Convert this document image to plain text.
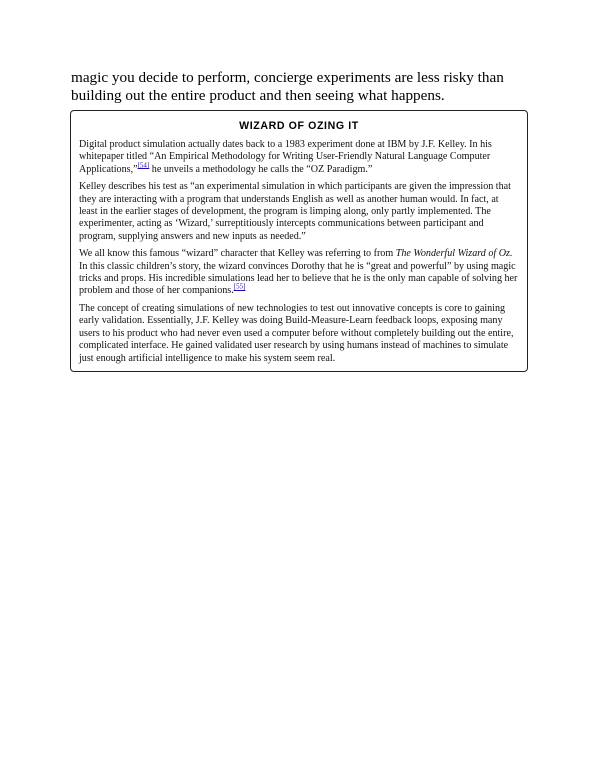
magic you decide to perform, concierge experiments are less risky than building out the entire product and then seeing what happens.

WIZARD OF OZING IT

Digital product simulation actually dates back to a 1983 experiment done at IBM by J.F. Kelley. In his whitepaper titled “An Empirical Methodology for Writing User-Friendly Natural Language Computer Applications,”[54] he unveils a methodology he calls the “OZ Paradigm.”

Kelley describes his test as “an experimental simulation in which participants are given the impression that they are interacting with a program that understands English as well as another human would. In fact, at least in the earlier stages of development, the program is limping along, only partly implemented. The experimenter, acting as ‘Wizard,’ surreptitiously intercepts communications between participant and program, supplying answers and new inputs as needed.”

We all know this famous “wizard” character that Kelley was referring to from The Wonderful Wizard of Oz. In this classic children’s story, the wizard convinces Dorothy that he is “great and powerful” by using magic tricks and props. His incredible simulations lead her to believe that he is the only man capable of solving her problem and those of her companions.[55]

The concept of creating simulations of new technologies to test out innovative concepts is core to gaining early validation. Essentially, J.F. Kelley was doing Build-Measure-Learn feedback loops, exposing many users to his product who had never even used a computer before without completely building out the entire, complicated interface. He gained validated user research by using humans instead of machines to simulate just enough artificial intelligence to make his system seem real.
